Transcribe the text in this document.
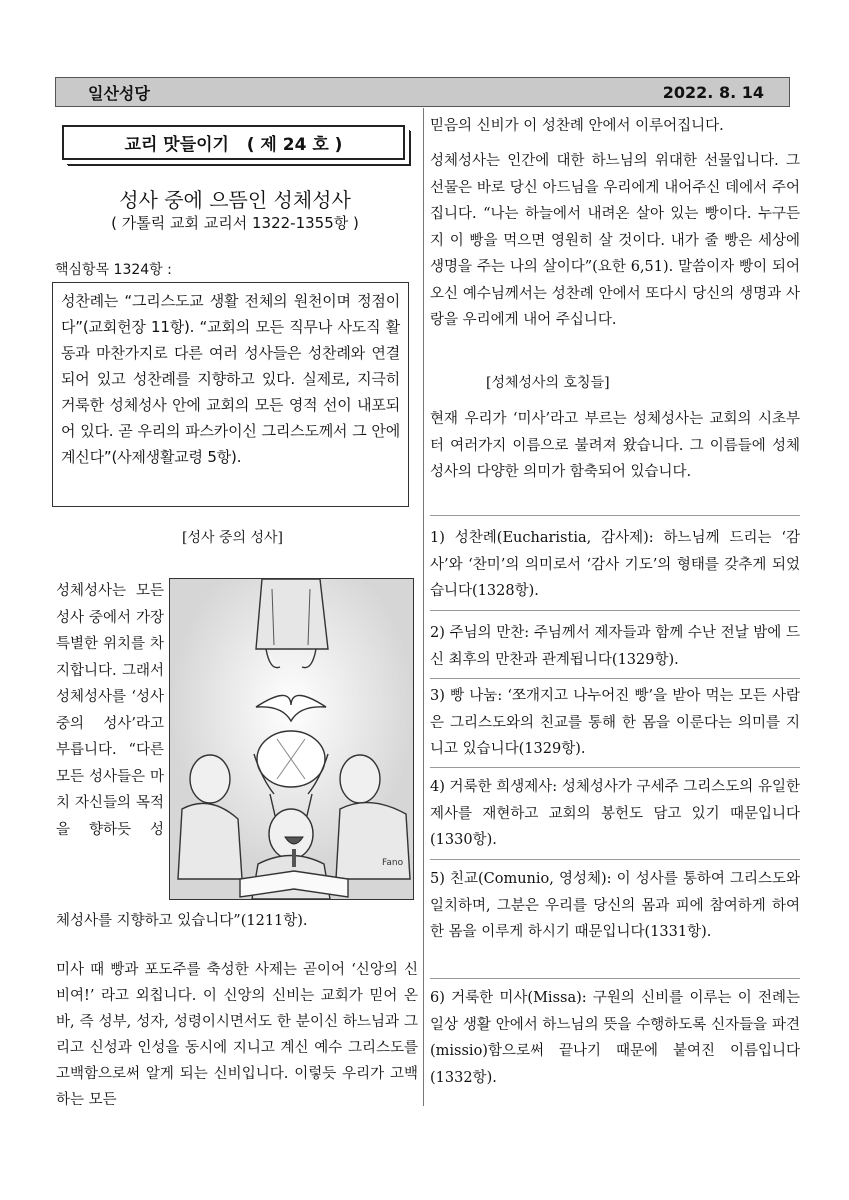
일산성당	2022. 8. 14
교리 맛들이기   ( 제 24 호 )
성사 중에 으뜸인 성체성사
( 가톨릭 교회 교리서 1322-1355항 )
핵심항목 1324항 :
성찬례는 “그리스도교 생활 전체의 원천이며 정점이다”(교회헌장 11항). “교회의 모든 직무나 사도직 활동과 마찬가지로 다른 여러 성사들은 성찬례와 연결되어 있고 성찬례를 지향하고 있다. 실제로, 지극히 거룩한 성체성사 안에 교회의 모든 영적 선이 내포되어 있다. 곧 우리의 파스카이신 그리스도께서 그 안에 계신다”(사제생활교령 5항).
[성사 중의 성사]
성체성사는 모든 성사 중에서 가장 특별한 위치를 차지합니다. 그래서 성체성사를 ‘성사 중의 성사’라고 부릅니다. “다른 모든 성사들은 마치 자신들의 목적을 향하듯 성
Fano
체성사를 지향하고 있습니다”(1211항).
미사 때 빵과 포도주를 축성한 사제는 곧이어 ‘신앙의 신비여!’ 라고 외칩니다. 이 신앙의 신비는 교회가 믿어 온 바, 즉 성부, 성자, 성령이시면서도 한 분이신 하느님과 그리고 신성과 인성을 동시에 지니고 계신 예수 그리스도를 고백함으로써 알게 되는 신비입니다. 이렇듯 우리가 고백하는 모든
믿음의 신비가 이 성찬례 안에서 이루어집니다.
성체성사는 인간에 대한 하느님의 위대한 선물입니다. 그 선물은 바로 당신 아드님을 우리에게 내어주신 데에서 주어집니다. “나는 하늘에서 내려온 살아 있는 빵이다. 누구든지 이 빵을 먹으면 영원히 살 것이다. 내가 줄 빵은 세상에 생명을 주는 나의 살이다”(요한 6,51). 말씀이자 빵이 되어 오신 예수님께서는 성찬례 안에서 또다시 당신의 생명과 사랑을 우리에게 내어 주십니다.
[성체성사의 호칭들]
현재 우리가 ‘미사’라고 부르는 성체성사는 교회의 시초부터 여러가지 이름으로 불려져 왔습니다. 그 이름들에 성체성사의 다양한 의미가 함축되어 있습니다.
1) 성찬례(Eucharistia, 감사제): 하느님께 드리는 ‘감사’와 ‘찬미’의 의미로서 ‘감사 기도’의 형태를 갖추게 되었습니다(1328항).
2) 주님의 만찬: 주님께서 제자들과 함께 수난 전날 밤에 드신 최후의 만찬과 관계됩니다(1329항).
3) 빵 나눔: ‘쪼개지고 나누어진 빵’을 받아 먹는 모든 사람은 그리스도와의 친교를 통해 한 몸을 이룬다는 의미를 지니고 있습니다(1329항).
4) 거룩한 희생제사: 성체성사가 구세주 그리스도의 유일한 제사를 재현하고 교회의 봉헌도 담고 있기 때문입니다(1330항).
5) 친교(Comunio, 영성체): 이 성사를 통하여 그리스도와 일치하며, 그분은 우리를 당신의 몸과 피에 참여하게 하여 한 몸을 이루게 하시기 때문입니다(1331항).
6) 거룩한 미사(Missa): 구원의 신비를 이루는 이 전례는 일상 생활 안에서 하느님의 뜻을 수행하도록 신자들을 파견(missio)함으로써 끝나기 때문에 붙여진 이름입니다(1332항).
